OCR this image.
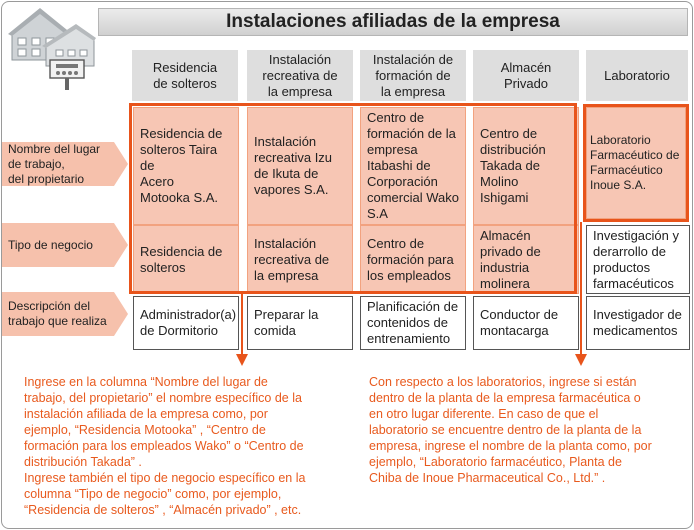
Instalaciones afiliadas de la empresa
Residencia
de solteros
Instalación
recreativa de
la empresa
Instalación de
formación de
la empresa
Almacén
Privado
Laboratorio
Nombre del lugar
de trabajo,
del propietario
Tipo de negocio
Descripción del
trabajo que realiza
Residencia de
solteros Taira de
Acero
Motooka S.A.
Instalación
recreativa Izu
de Ikuta de
vapores S.A.
Centro de
formación de la
empresa
Itabashi de
Corporación
comercial Wako
S.A
Centro de
distribución
Takada de
Molino
Ishigami
Laboratorio
Farmacéutico de
Farmacéutico
Inoue S.A.
Residencia de
solteros
Instalación
recreativa de
la empresa
Centro de
formación para
los empleados
Almacén
privado de
industria
molinera
Investigación y
derarrollo de
productos
farmacéuticos
Administrador(a)
de Dormitorio
Preparar la
comida
Planificación de
contenidos de
entrenamiento
Conductor de
montacarga
Investigador de
medicamentos

Ingrese en la columna “Nombre del lugar de

trabajo, del propietario” el nombre específico de la

instalación afiliada de la empresa como, por

ejemplo, “Residencia Motooka” , “Centro de

formación para los empleados Wako” o “Centro de

distribución Takada” .

Ingrese también el tipo de negocio específico en la

columna “Tipo de negocio” como, por ejemplo,

“Residencia de solteros” , “Almacén privado” , etc.

Con respecto a los laboratorios, ingrese si están

dentro de la planta de la empresa farmacéutica o

en otro lugar diferente. En caso de que el

laboratorio se encuentre dentro de la planta de la

empresa, ingrese el nombre de la planta como, por

ejemplo, “Laboratorio farmacéutico, Planta de

Chiba de Inoue Pharmaceutical Co., Ltd.” .
